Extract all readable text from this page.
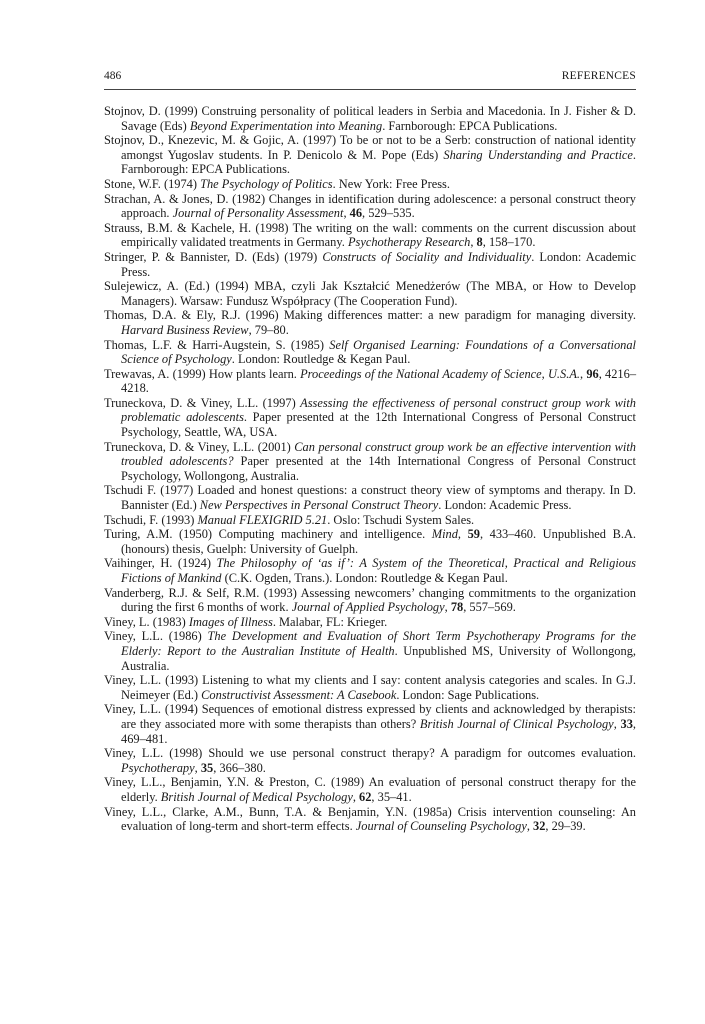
486	REFERENCES
Stojnov, D. (1999) Construing personality of political leaders in Serbia and Macedonia. In J. Fisher & D. Savage (Eds) Beyond Experimentation into Meaning. Farnborough: EPCA Publications.
Stojnov, D., Knezevic, M. & Gojic, A. (1997) To be or not to be a Serb: construction of national identity amongst Yugoslav students. In P. Denicolo & M. Pope (Eds) Sharing Understanding and Practice. Farnborough: EPCA Publications.
Stone, W.F. (1974) The Psychology of Politics. New York: Free Press.
Strachan, A. & Jones, D. (1982) Changes in identification during adolescence: a personal construct theory approach. Journal of Personality Assessment, 46, 529–535.
Strauss, B.M. & Kachele, H. (1998) The writing on the wall: comments on the current discussion about empirically validated treatments in Germany. Psychotherapy Research, 8, 158–170.
Stringer, P. & Bannister, D. (Eds) (1979) Constructs of Sociality and Individuality. London: Academic Press.
Sulejewicz, A. (Ed.) (1994) MBA, czyli Jak Kształcić Menedżerów (The MBA, or How to Develop Managers). Warsaw: Fundusz Współpracy (The Cooperation Fund).
Thomas, D.A. & Ely, R.J. (1996) Making differences matter: a new paradigm for managing diversity. Harvard Business Review, 79–80.
Thomas, L.F. & Harri-Augstein, S. (1985) Self Organised Learning: Foundations of a Conversational Science of Psychology. London: Routledge & Kegan Paul.
Trewavas, A. (1999) How plants learn. Proceedings of the National Academy of Science, U.S.A., 96, 4216–4218.
Truneckova, D. & Viney, L.L. (1997) Assessing the effectiveness of personal construct group work with problematic adolescents. Paper presented at the 12th International Congress of Personal Construct Psychology, Seattle, WA, USA.
Truneckova, D. & Viney, L.L. (2001) Can personal construct group work be an effective intervention with troubled adolescents? Paper presented at the 14th International Congress of Personal Construct Psychology, Wollongong, Australia.
Tschudi F. (1977) Loaded and honest questions: a construct theory view of symptoms and therapy. In D. Bannister (Ed.) New Perspectives in Personal Construct Theory. London: Academic Press.
Tschudi, F. (1993) Manual FLEXIGRID 5.21. Oslo: Tschudi System Sales.
Turing, A.M. (1950) Computing machinery and intelligence. Mind, 59, 433–460. Unpublished B.A. (honours) thesis, Guelph: University of Guelph.
Vaihinger, H. (1924) The Philosophy of ‘as if’: A System of the Theoretical, Practical and Religious Fictions of Mankind (C.K. Ogden, Trans.). London: Routledge & Kegan Paul.
Vanderberg, R.J. & Self, R.M. (1993) Assessing newcomers’ changing commitments to the organization during the first 6 months of work. Journal of Applied Psychology, 78, 557–569.
Viney, L. (1983) Images of Illness. Malabar, FL: Krieger.
Viney, L.L. (1986) The Development and Evaluation of Short Term Psychotherapy Programs for the Elderly: Report to the Australian Institute of Health. Unpublished MS, University of Wollongong, Australia.
Viney, L.L. (1993) Listening to what my clients and I say: content analysis categories and scales. In G.J. Neimeyer (Ed.) Constructivist Assessment: A Casebook. London: Sage Publications.
Viney, L.L. (1994) Sequences of emotional distress expressed by clients and acknowledged by therapists: are they associated more with some therapists than others? British Journal of Clinical Psychology, 33, 469–481.
Viney, L.L. (1998) Should we use personal construct therapy? A paradigm for outcomes evaluation. Psychotherapy, 35, 366–380.
Viney, L.L., Benjamin, Y.N. & Preston, C. (1989) An evaluation of personal construct therapy for the elderly. British Journal of Medical Psychology, 62, 35–41.
Viney, L.L., Clarke, A.M., Bunn, T.A. & Benjamin, Y.N. (1985a) Crisis intervention counseling: An evaluation of long-term and short-term effects. Journal of Counseling Psychology, 32, 29–39.
